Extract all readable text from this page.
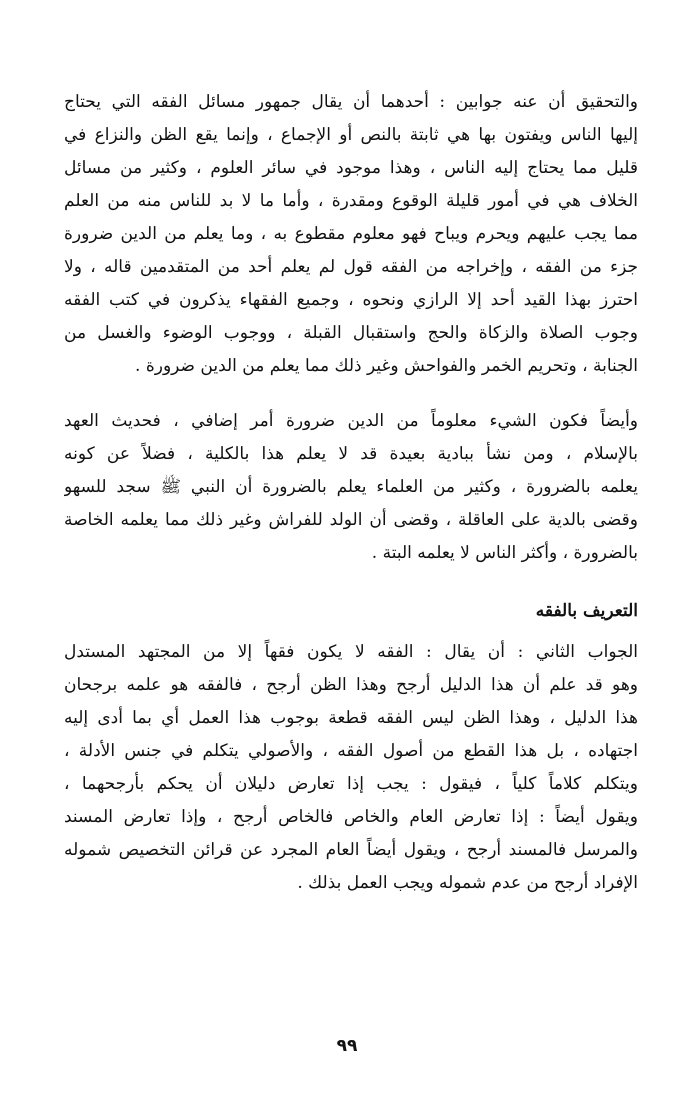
والتحقيق أن عنه جوابين : أحدهما أن يقال جمهور مسائل الفقه التي يحتاج
إليها الناس ويفتون بها هي ثابتة بالنص أو الإجماع ، وإنما يقع الظن والنزاع في
قليل مما يحتاج إليه الناس ، وهذا موجود في سائر العلوم ، وكثير من مسائل
الخلاف هي في أمور قليلة الوقوع ومقدرة ، وأما ما لا بد للناس منه من العلم
مما يجب عليهم ويحرم ويباح فهو معلوم مقطوع به ، وما يعلم من الدين ضرورة
جزء من الفقه ، وإخراجه من الفقه قول لم يعلم أحد من المتقدمين قاله ، ولا
احترز بهذا القيد أحد إلا الرازي ونحوه ، وجميع الفقهاء يذكرون في كتب الفقه
وجوب الصلاة والزكاة والحج واستقبال القبلة ، ووجوب الوضوء والغسل من
الجنابة ، وتحريم الخمر والفواحش وغير ذلك مما يعلم من الدين ضرورة .

وأيضاً فكون الشيء معلوماً من الدين ضرورة أمر إضافي ، فحديث العهد
بالإسلام ، ومن نشأ ببادية بعيدة قد لا يعلم هذا بالكلية ، فضلاً عن كونه
يعلمه بالضرورة ، وكثير من العلماء يعلم بالضرورة أن النبي ﷺ سجد للسهو
وقضى بالدية على العاقلة ، وقضى أن الولد للفراش وغير ذلك مما يعلمه الخاصة
بالضرورة ، وأكثر الناس لا يعلمه البتة .

التعريف بالفقه

الجواب الثاني : أن يقال : الفقه لا يكون فقهاً إلا من المجتهد المستدل
وهو قد علم أن هذا الدليل أرجح وهذا الظن أرجح ، فالفقه هو علمه برجحان
هذا الدليل ، وهذا الظن ليس الفقه قطعة بوجوب هذا العمل أي بما أدى إليه
اجتهاده ، بل هذا القطع من أصول الفقه ، والأصولي يتكلم في جنس الأدلة ،
ويتكلم كلاماً كلياً ، فيقول : يجب إذا تعارض دليلان أن يحكم بأرجحهما ،
ويقول أيضاً : إذا تعارض العام والخاص فالخاص أرجح ، وإذا تعارض المسند
والمرسل فالمسند أرجح ، ويقول أيضاً العام المجرد عن قرائن التخصيص شموله
الإفراد أرجح من عدم شموله ويجب العمل بذلك .

٩٩
